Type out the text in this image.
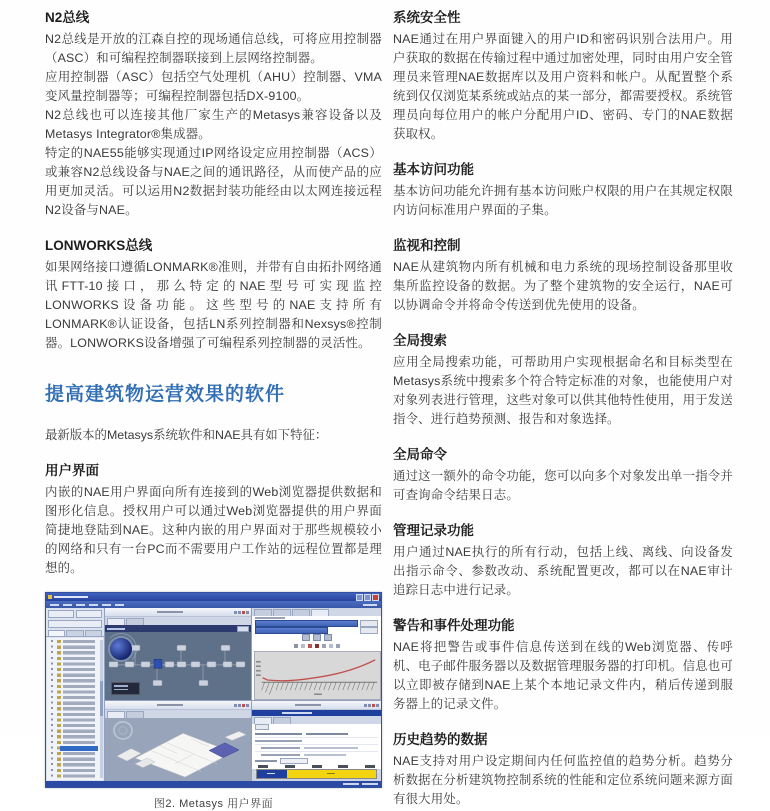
N2总线

N2总线是开放的江森自控的现场通信总线，可将应用控制器（ASC）和可编程控制器联接到上层网络控制器。

应用控制器（ASC）包括空气处理机（AHU）控制器、VMA变风量控制器等；可编程控制器包括DX-9100。

N2总线也可以连接其他厂家生产的Metasys兼容设备以及Metasys Integrator®集成器。

特定的NAE55能够实现通过IP网络设定应用控制器（ACS）或兼容N2总线设备与NAE之间的通讯路径，从而使产品的应用更加灵活。可以运用N2数据封装功能经由以太网连接远程N2设备与NAE。

LONWORKS总线

如果网络接口遵循LONMARK®准则，并带有自由拓扑网络通讯FTT-10接口，那么特定的NAE型号可实现监控LONWORKS设备功能。这些型号的NAE支持所有LONMARK®认证设备，包括LN系列控制器和Nexsys®控制器。LONWORKS设备增强了可编程系列控制器的灵活性。

提高建筑物运营效果的软件

最新版本的Metasys系统软件和NAE具有如下特征：

用户界面

内嵌的NAE用户界面向所有连接到的Web浏览器提供数据和图形化信息。授权用户可以通过Web浏览器提供的用户界面简捷地登陆到NAE。这种内嵌的用户界面对于那些规模较小的网络和只有一台PC而不需要用户工作站的远程位置都是理想的。

图2. Metasys 用户界面
系统安全性

NAE通过在用户界面键入的用户ID和密码识别合法用户。用户获取的数据在传输过程中通过加密处理，同时由用户安全管理员来管理NAE数据库以及用户资料和帐户。从配置整个系统到仅仅浏览某系统或站点的某一部分，都需要授权。系统管理员向每位用户的帐户分配用户ID、密码、专门的NAE数据获取权。

基本访问功能

基本访问功能允许拥有基本访问账户权限的用户在其规定权限内访问标准用户界面的子集。

监视和控制

NAE从建筑物内所有机械和电力系统的现场控制设备那里收集所监控设备的数据。为了整个建筑物的安全运行，NAE可以协调命令并将命令传送到优先使用的设备。

全局搜索

应用全局搜索功能，可帮助用户实现根据命名和目标类型在Metasys系统中搜索多个符合特定标准的对象，也能使用户对对象列表进行管理，这些对象可以供其他特性使用，用于发送指令、进行趋势预测、报告和对象选择。

全局命令

通过这一额外的命令功能，您可以向多个对象发出单一指令并可查询命令结果日志。

管理记录功能

用户通过NAE执行的所有行动，包括上线、离线、向设备发出指示命令、参数改动、系统配置更改，都可以在NAE审计追踪日志中进行记录。

警告和事件处理功能

NAE将把警告或事件信息传送到在线的Web浏览器、传呼机、电子邮件服务器以及数据管理服务器的打印机。信息也可以立即被存储到NAE上某个本地记录文件内，稍后传递到服务器上的记录文件。

历史趋势的数据

NAE支持对用户设定期间内任何监控值的趋势分析。趋势分析数据在分析建筑物控制系统的性能和定位系统问题来源方面有很大用处。
